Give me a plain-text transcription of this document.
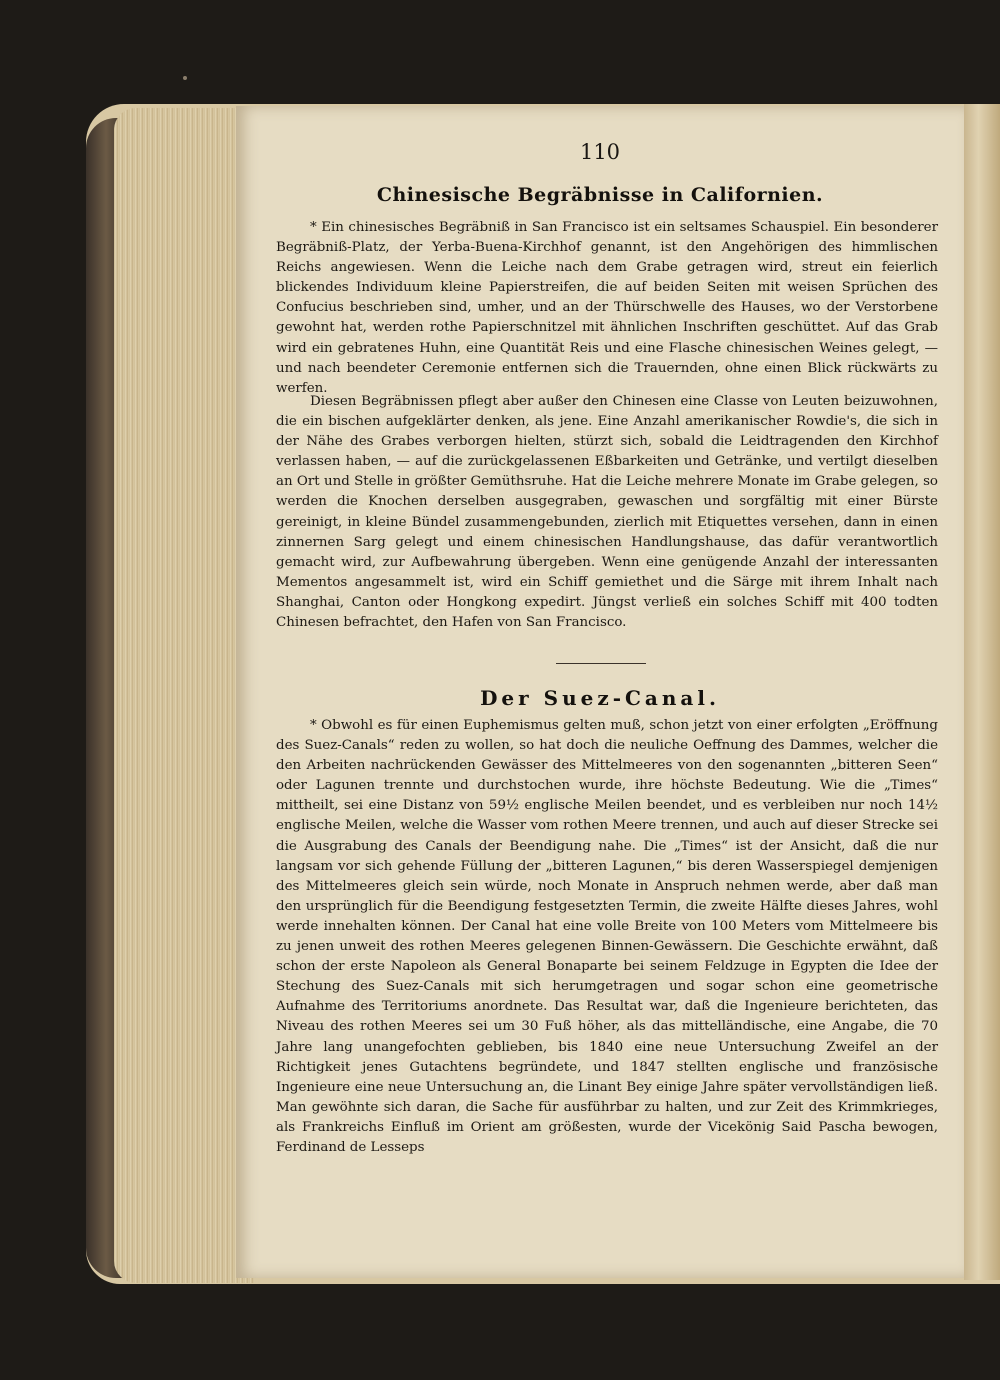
110
Chinesische Begräbnisse in Californien.

* Ein chinesisches Begräbniß in San Francisco ist ein seltsames Schauspiel. Ein besonderer Begräbniß-Platz, der Yerba-Buena-Kirchhof genannt, ist den Angehörigen des himmlischen Reichs angewiesen. Wenn die Leiche nach dem Grabe getragen wird, streut ein feierlich blickendes Individuum kleine Papierstreifen, die auf beiden Seiten mit weisen Sprüchen des Confucius beschrieben sind, umher, und an der Thürschwelle des Hauses, wo der Verstorbene gewohnt hat, werden rothe Papierschnitzel mit ähnlichen Inschriften geschüttet. Auf das Grab wird ein gebratenes Huhn, eine Quantität Reis und eine Flasche chinesischen Weines gelegt, — und nach beendeter Ceremonie entfernen sich die Trauernden, ohne einen Blick rückwärts zu werfen.

Diesen Begräbnissen pflegt aber außer den Chinesen eine Classe von Leuten beizuwohnen, die ein bischen aufgeklärter denken, als jene. Eine Anzahl amerikanischer Rowdie's, die sich in der Nähe des Grabes verborgen hielten, stürzt sich, sobald die Leidtragenden den Kirchhof verlassen haben, — auf die zurückgelassenen Eßbarkeiten und Getränke, und vertilgt dieselben an Ort und Stelle in größter Gemüthsruhe. Hat die Leiche mehrere Monate im Grabe gelegen, so werden die Knochen derselben ausgegraben, gewaschen und sorgfältig mit einer Bürste gereinigt, in kleine Bündel zusammengebunden, zierlich mit Etiquettes versehen, dann in einen zinnernen Sarg gelegt und einem chinesischen Handlungshause, das dafür verantwortlich gemacht wird, zur Aufbewahrung übergeben. Wenn eine genügende Anzahl der interessanten Mementos angesammelt ist, wird ein Schiff gemiethet und die Särge mit ihrem Inhalt nach Shanghai, Canton oder Hongkong expedirt. Jüngst verließ ein solches Schiff mit 400 todten Chinesen befrachtet, den Hafen von San Francisco.

Der Suez-Canal.

* Obwohl es für einen Euphemismus gelten muß, schon jetzt von einer erfolgten „Eröffnung des Suez-Canals“ reden zu wollen, so hat doch die neuliche Oeffnung des Dammes, welcher die den Arbeiten nachrückenden Gewässer des Mittelmeeres von den sogenannten „bitteren Seen“ oder Lagunen trennte und durchstochen wurde, ihre höchste Bedeutung. Wie die „Times“ mittheilt, sei eine Distanz von 59½ englische Meilen beendet, und es verbleiben nur noch 14½ englische Meilen, welche die Wasser vom rothen Meere trennen, und auch auf dieser Strecke sei die Ausgrabung des Canals der Beendigung nahe. Die „Times“ ist der Ansicht, daß die nur langsam vor sich gehende Füllung der „bitteren Lagunen,“ bis deren Wasserspiegel demjenigen des Mittelmeeres gleich sein würde, noch Monate in Anspruch nehmen werde, aber daß man den ursprünglich für die Beendigung festgesetzten Termin, die zweite Hälfte dieses Jahres, wohl werde innehalten können. Der Canal hat eine volle Breite von 100 Meters vom Mittelmeere bis zu jenen unweit des rothen Meeres gelegenen Binnen-Gewässern. Die Geschichte erwähnt, daß schon der erste Napoleon als General Bonaparte bei seinem Feldzuge in Egypten die Idee der Stechung des Suez-Canals mit sich herumgetragen und sogar schon eine geometrische Aufnahme des Territoriums anordnete. Das Resultat war, daß die Ingenieure berichteten, das Niveau des rothen Meeres sei um 30 Fuß höher, als das mittelländische, eine Angabe, die 70 Jahre lang unangefochten geblieben, bis 1840 eine neue Untersuchung Zweifel an der Richtigkeit jenes Gutachtens begründete, und 1847 stellten englische und französische Ingenieure eine neue Untersuchung an, die Linant Bey einige Jahre später vervollständigen ließ. Man gewöhnte sich daran, die Sache für ausführbar zu halten, und zur Zeit des Krimmkrieges, als Frankreichs Einfluß im Orient am größesten, wurde der Vicekönig Said Pascha bewogen, Ferdinand de Lesseps
